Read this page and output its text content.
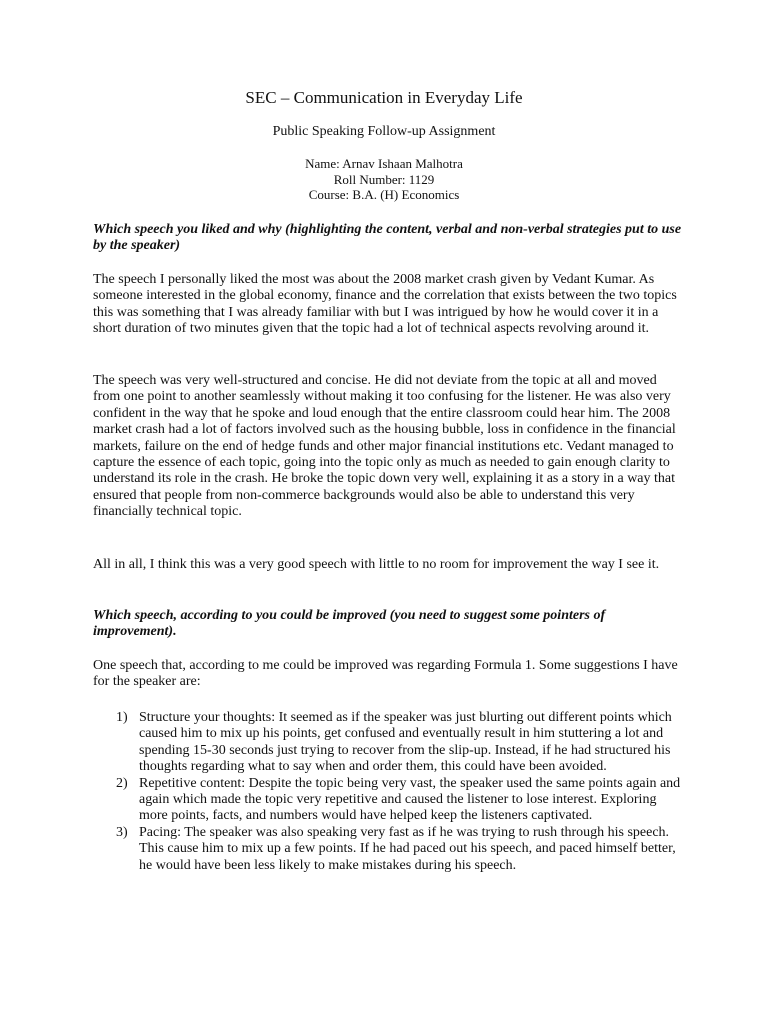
SEC – Communication in Everyday Life
Public Speaking Follow-up Assignment
Name: Arnav Ishaan Malhotra
Roll Number: 1129
Course: B.A. (H) Economics
Which speech you liked and why (highlighting the content, verbal and non-verbal strategies put to use by the speaker)
The speech I personally liked the most was about the 2008 market crash given by Vedant Kumar. As someone interested in the global economy, finance and the correlation that exists between the two topics this was something that I was already familiar with but I was intrigued by how he would cover it in a short duration of two minutes given that the topic had a lot of technical aspects revolving around it.
The speech was very well-structured and concise. He did not deviate from the topic at all and moved from one point to another seamlessly without making it too confusing for the listener. He was also very confident in the way that he spoke and loud enough that the entire classroom could hear him. The 2008 market crash had a lot of factors involved such as the housing bubble, loss in confidence in the financial markets, failure on the end of hedge funds and other major financial institutions etc. Vedant managed to capture the essence of each topic, going into the topic only as much as needed to gain enough clarity to understand its role in the crash. He broke the topic down very well, explaining it as a story in a way that ensured that people from non-commerce backgrounds would also be able to understand this very financially technical topic.
All in all, I think this was a very good speech with little to no room for improvement the way I see it.
Which speech, according to you could be improved (you need to suggest some pointers of improvement).
One speech that, according to me could be improved was regarding Formula 1. Some suggestions I have for the speaker are:
1) Structure your thoughts: It seemed as if the speaker was just blurting out different points which caused him to mix up his points, get confused and eventually result in him stuttering a lot and spending 15-30 seconds just trying to recover from the slip-up. Instead, if he had structured his thoughts regarding what to say when and order them, this could have been avoided.
2) Repetitive content: Despite the topic being very vast, the speaker used the same points again and again which made the topic very repetitive and caused the listener to lose interest. Exploring more points, facts, and numbers would have helped keep the listeners captivated.
3) Pacing: The speaker was also speaking very fast as if he was trying to rush through his speech. This cause him to mix up a few points. If he had paced out his speech, and paced himself better, he would have been less likely to make mistakes during his speech.
